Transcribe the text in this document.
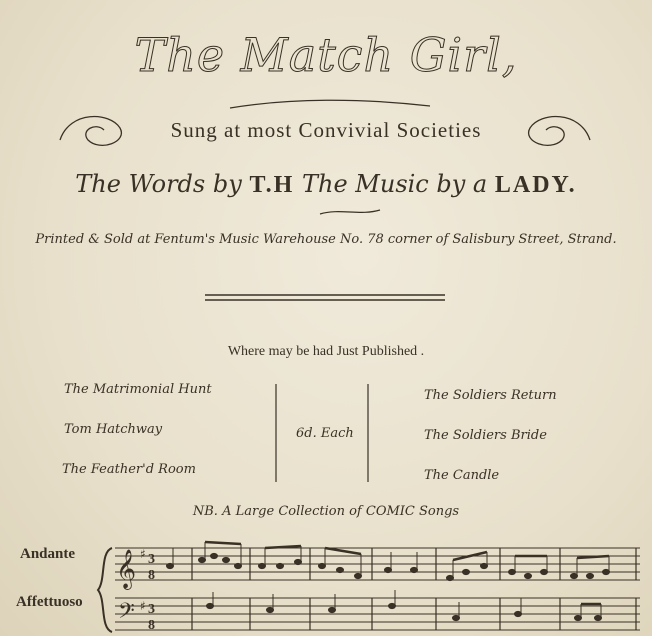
𝄞
𝄢
♯
♯
3
8
3
8
The Match Girl,
Sung at most Convivial Societies
The Words by T.H The Music by a LADY.
Printed & Sold at Fentum's Music Warehouse No. 78 corner of Salisbury Street, Strand.
Where may be had Just Published .
The Matrimonial Hunt
Tom Hatchway
The Feather'd Room
6d. Each
The Soldiers Return
The Soldiers Bride
The Candle
NB. A Large Collection of COMIC Songs
Andante
Affettuoso
